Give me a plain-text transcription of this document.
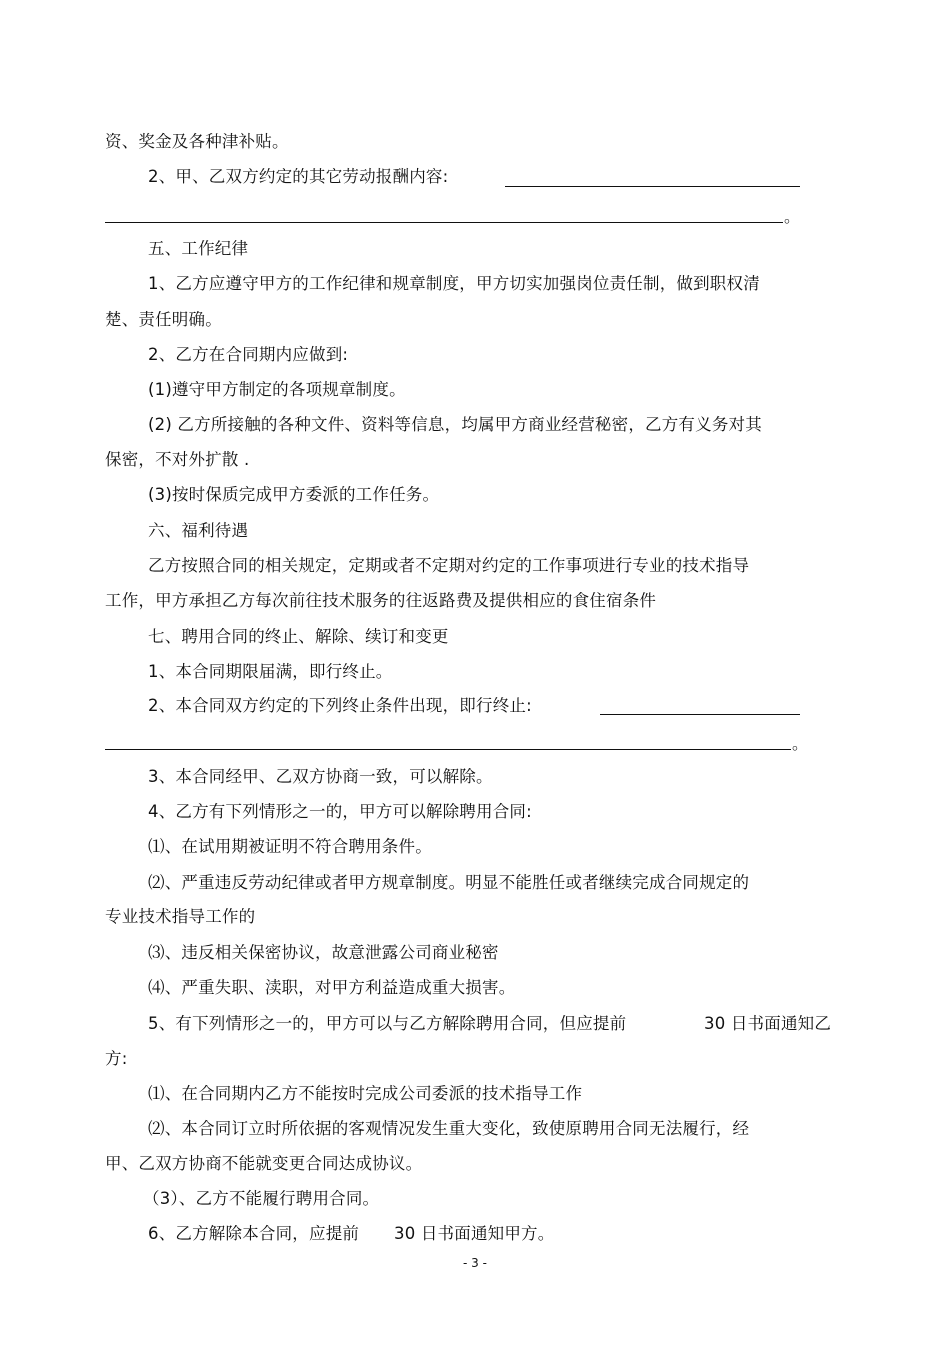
资、奖金及各种津补贴。
2、甲、乙双方约定的其它劳动报酬内容:
。
五、工作纪律
1、乙方应遵守甲方的工作纪律和规章制度，甲方切实加强岗位责任制，做到职权清
楚、责任明确。
2、乙方在合同期内应做到:
(1)遵守甲方制定的各项规章制度。
(2) 乙方所接触的各种文件、资料等信息，均属甲方商业经营秘密，乙方有义务对其
保密，不对外扩散 .
(3)按时保质完成甲方委派的工作任务。
六、福利待遇
乙方按照合同的相关规定，定期或者不定期对约定的工作事项进行专业的技术指导
工作，甲方承担乙方每次前往技术服务的往返路费及提供相应的食住宿条件
七、聘用合同的终止、解除、续订和变更
1、本合同期限届满，即行终止。
2、本合同双方约定的下列终止条件出现，即行终止:
。
3、本合同经甲、乙双方协商一致，可以解除。
4、乙方有下列情形之一的，甲方可以解除聘用合同:
⑴、在试用期被证明不符合聘用条件。
⑵、严重违反劳动纪律或者甲方规章制度。明显不能胜任或者继续完成合同规定的
专业技术指导工作的
⑶、违反相关保密协议，故意泄露公司商业秘密
⑷、严重失职、渎职，对甲方利益造成重大损害。
5、有下列情形之一的，甲方可以与乙方解除聘用合同，但应提前	30 日书面通知乙
方:
⑴、在合同期内乙方不能按时完成公司委派的技术指导工作
⑵、本合同订立时所依据的客观情况发生重大变化，致使原聘用合同无法履行，经
甲、乙双方协商不能就变更合同达成协议。
（3）、乙方不能履行聘用合同。
6、乙方解除本合同，应提前 30 日书面通知甲方。
- 3 -
